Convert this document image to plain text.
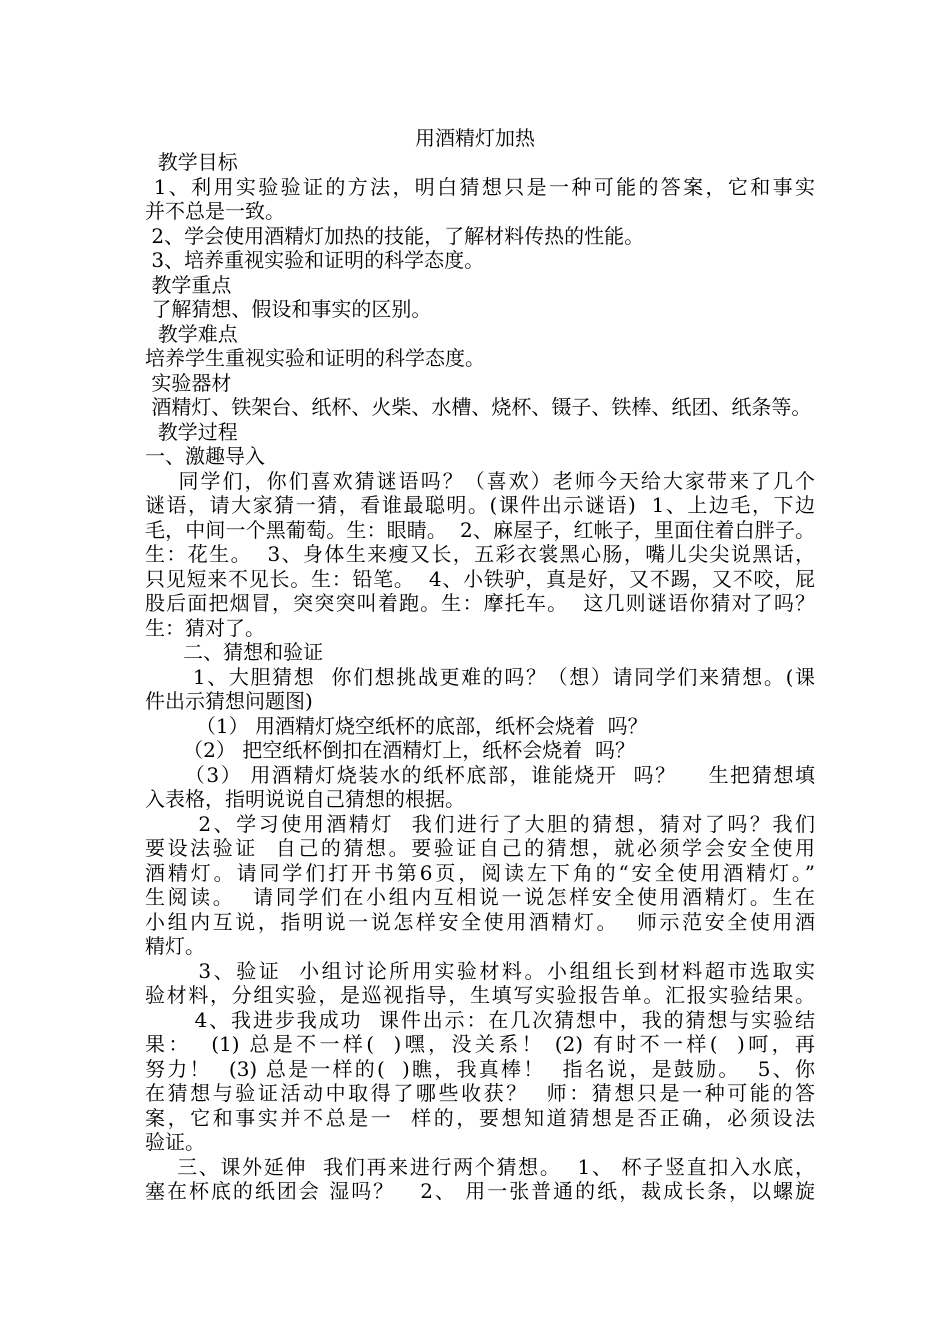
用酒精灯加热
教学目标
1、利用实验验证的方法，明白猜想只是一种可能的答案，它和事实
并不总是一致。
2、学会使用酒精灯加热的技能，了解材料传热的性能。
3、培养重视实验和证明的科学态度。
教学重点
了解猜想、假设和事实的区别。
教学难点
培养学生重视实验和证明的科学态度。
实验器材
酒精灯、铁架台、纸杯、火柴、水槽、烧杯、镊子、铁棒、纸团、纸条等。
教学过程
一、激趣导入
同学们，你们喜欢猜谜语吗？（喜欢）老师今天给大家带来了几个
谜语，请大家猜一猜，看谁最聪明。(课件出示谜语)  1、上边毛，下边
毛，中间一个黑葡萄。生：眼睛。  2、麻屋子，红帐子，里面住着白胖子。
生：花生。  3、身体生来瘦又长，五彩衣裳黑心肠，嘴儿尖尖说黑话，
只见短来不见长。生：铅笔。  4、小铁驴，真是好，又不踢，又不咬，屁
股后面把烟冒，突突突叫着跑。生：摩托车。  这几则谜语你猜对了吗？
生：猜对了。
二、猜想和验证
1、大胆猜想  你们想挑战更难的吗？（想）请同学们来猜想。(课
件出示猜想问题图)
（1） 用酒精灯烧空纸杯的底部，纸杯会烧着  吗？
（2） 把空纸杯倒扣在酒精灯上，纸杯会烧着  吗？
（3） 用酒精灯烧装水的纸杯底部，谁能烧开  吗？    生把猜想填
入表格，指明说说自己猜想的根据。
2、学习使用酒精灯  我们进行了大胆的猜想，猜对了吗？我们
要设法验证  自己的猜想。要验证自己的猜想，就必须学会安全使用
酒精灯。请同学们打开书第6页，阅读左下角的“安全使用酒精灯。”
生阅读。  请同学们在小组内互相说一说怎样安全使用酒精灯。生在
小组内互说，指明说一说怎样安全使用酒精灯。  师示范安全使用酒
精灯。
3、验证  小组讨论所用实验材料。小组组长到材料超市选取实
验材料，分组实验，是巡视指导，生填写实验报告单。汇报实验结果。
4、我进步我成功  课件出示：在几次猜想中，我的猜想与实验结
果：  (1) 总是不一样(  )嘿，没关系！ (2) 有时不一样(  )呵，再
努力！  (3) 总是一样的(  )瞧，我真棒！  指名说，是鼓励。  5、你
在猜想与验证活动中取得了哪些收获？  师：猜想只是一种可能的答
案，它和事实并不总是一  样的，要想知道猜想是否正确，必须设法
验证。
三、课外延伸  我们再来进行两个猜想。  1、 杯子竖直扣入水底，
塞在杯底的纸团会 湿吗？   2、 用一张普通的纸，裁成长条，以螺旋
